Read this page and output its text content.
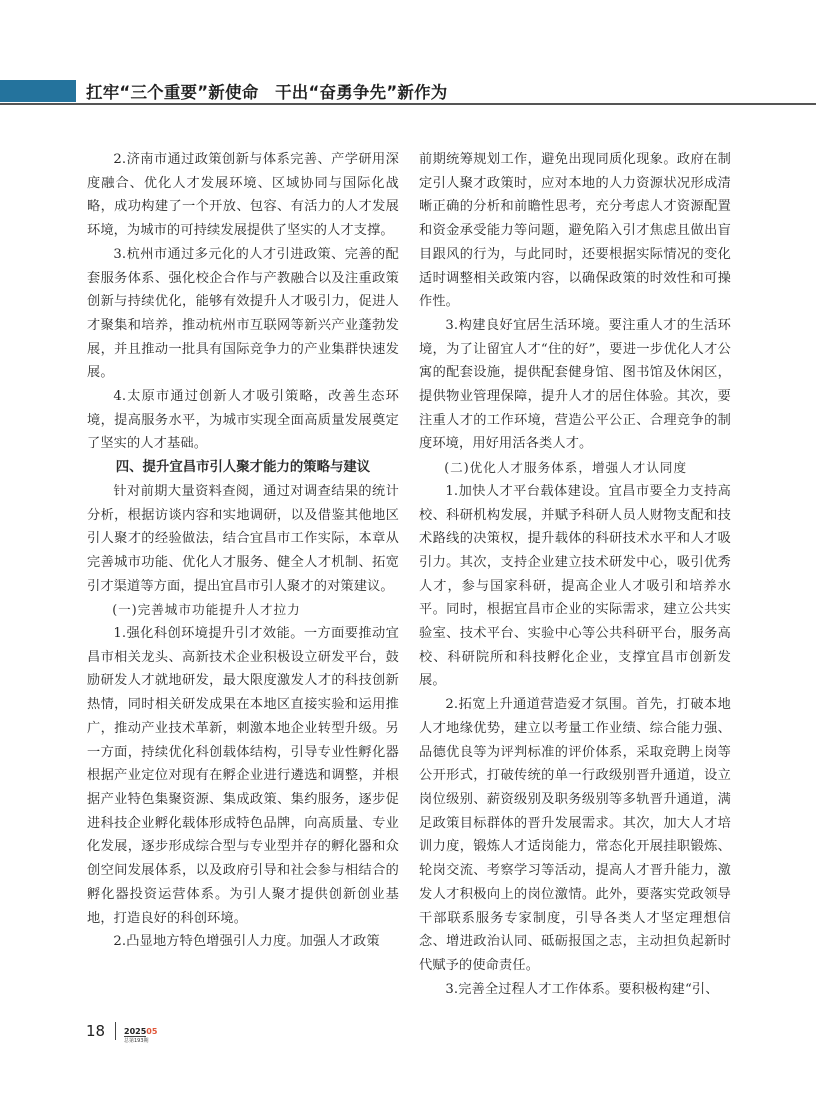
扛牢“三个重要”新使命　干出“奋勇争先”新作为

2.济南市通过政策创新与体系完善、产学研用深度融合、优化人才发展环境、区域协同与国际化战略，成功构建了一个开放、包容、有活力的人才发展环境，为城市的可持续发展提供了坚实的人才支撑。

3.杭州市通过多元化的人才引进政策、完善的配套服务体系、强化校企合作与产教融合以及注重政策创新与持续优化，能够有效提升人才吸引力，促进人才聚集和培养，推动杭州市互联网等新兴产业蓬勃发展，并且推动一批具有国际竞争力的产业集群快速发展。

4.太原市通过创新人才吸引策略，改善生态环境，提高服务水平，为城市实现全面高质量发展奠定了坚实的人才基础。

四、提升宜昌市引人聚才能力的策略与建议

针对前期大量资料查阅，通过对调查结果的统计分析，根据访谈内容和实地调研，以及借鉴其他地区引人聚才的经验做法，结合宜昌市工作实际，本章从完善城市功能、优化人才服务、健全人才机制、拓宽引才渠道等方面，提出宜昌市引人聚才的对策建议。

(一)完善城市功能提升人才拉力

1.强化科创环境提升引才效能。一方面要推动宜昌市相关龙头、高新技术企业积极设立研发平台，鼓励研发人才就地研发，最大限度激发人才的科技创新热情，同时相关研发成果在本地区直接实验和运用推广，推动产业技术革新，刺激本地企业转型升级。另一方面，持续优化科创载体结构，引导专业性孵化器根据产业定位对现有在孵企业进行遴选和调整，并根据产业特色集聚资源、集成政策、集约服务，逐步促进科技企业孵化载体形成特色品牌，向高质量、专业化发展，逐步形成综合型与专业型并存的孵化器和众创空间发展体系，以及政府引导和社会参与相结合的孵化器投资运营体系。为引人聚才提供创新创业基地，打造良好的科创环境。

2.凸显地方特色增强引人力度。加强人才政策

前期统筹规划工作，避免出现同质化现象。政府在制定引人聚才政策时，应对本地的人力资源状况形成清晰正确的分析和前瞻性思考，充分考虑人才资源配置和资金承受能力等问题，避免陷入引才焦虑且做出盲目跟风的行为，与此同时，还要根据实际情况的变化适时调整相关政策内容，以确保政策的时效性和可操作性。

3.构建良好宜居生活环境。要注重人才的生活环境，为了让留宜人才“住的好”，要进一步优化人才公寓的配套设施，提供配套健身馆、图书馆及休闲区，提供物业管理保障，提升人才的居住体验。其次，要注重人才的工作环境，营造公平公正、合理竞争的制度环境，用好用活各类人才。

(二)优化人才服务体系，增强人才认同度

1.加快人才平台载体建设。宜昌市要全力支持高校、科研机构发展，并赋予科研人员人财物支配和技术路线的决策权，提升载体的科研技术水平和人才吸引力。其次，支持企业建立技术研发中心，吸引优秀人才，参与国家科研，提高企业人才吸引和培养水平。同时，根据宜昌市企业的实际需求，建立公共实验室、技术平台、实验中心等公共科研平台，服务高校、科研院所和科技孵化企业，支撑宜昌市创新发展。

2.拓宽上升通道营造爱才氛围。首先，打破本地人才地缘优势，建立以考量工作业绩、综合能力强、品德优良等为评判标准的评价体系，采取竞聘上岗等公开形式，打破传统的单一行政级别晋升通道，设立岗位级别、薪资级别及职务级别等多轨晋升通道，满足政策目标群体的晋升发展需求。其次，加大人才培训力度，锻炼人才适岗能力，常态化开展挂职锻炼、轮岗交流、考察学习等活动，提高人才晋升能力，激发人才积极向上的岗位激情。此外，要落实党政领导干部联系服务专家制度，引导各类人才坚定理想信念、增进政治认同、砥砺报国之志，主动担负起新时代赋予的使命责任。

3.完善全过程人才工作体系。要积极构建“引、

18 202505
总第193期
